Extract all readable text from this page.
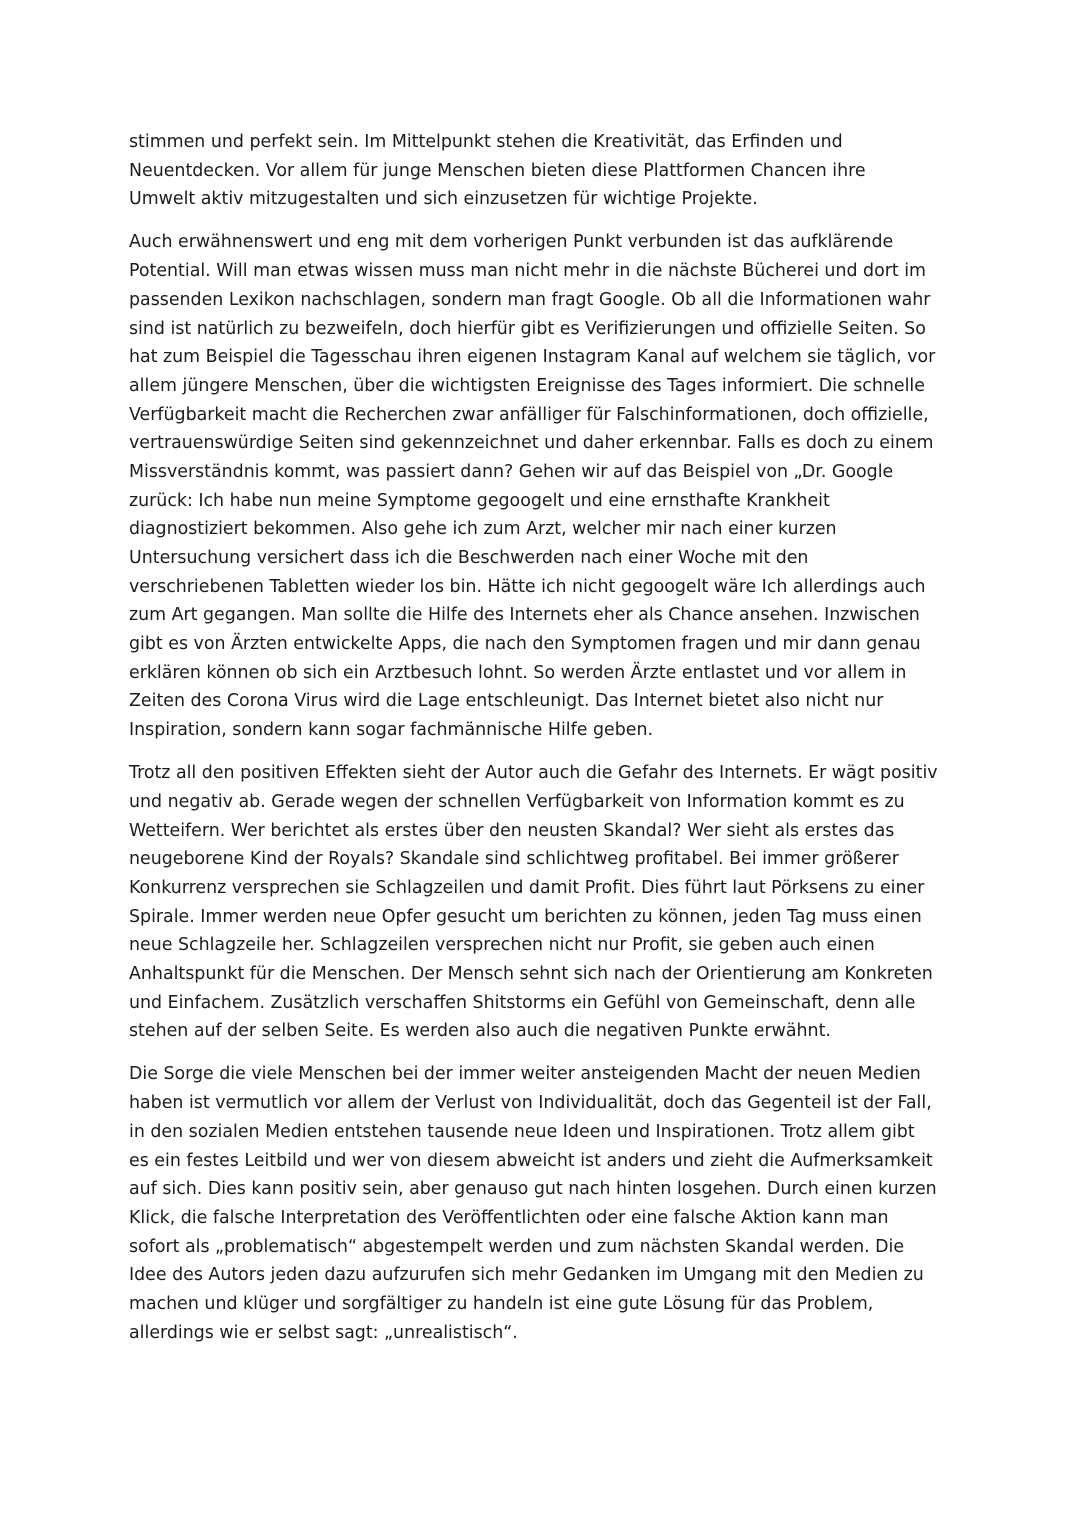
stimmen und perfekt sein. Im Mittelpunkt stehen die Kreativität, das Erfinden und
Neuentdecken. Vor allem für junge Menschen bieten diese Plattformen Chancen ihre
Umwelt aktiv mitzugestalten und sich einzusetzen für wichtige Projekte.
Auch erwähnenswert und eng mit dem vorherigen Punkt verbunden ist das aufklärende
Potential. Will man etwas wissen muss man nicht mehr in die nächste Bücherei und dort im
passenden Lexikon nachschlagen, sondern man fragt Google. Ob all die Informationen wahr
sind ist natürlich zu bezweifeln, doch hierfür gibt es Verifizierungen und offizielle Seiten. So
hat zum Beispiel die Tagesschau ihren eigenen Instagram Kanal auf welchem sie täglich, vor
allem jüngere Menschen, über die wichtigsten Ereignisse des Tages informiert. Die schnelle
Verfügbarkeit macht die Recherchen zwar anfälliger für Falschinformationen, doch offizielle,
vertrauenswürdige Seiten sind gekennzeichnet und daher erkennbar. Falls es doch zu einem
Missverständnis kommt, was passiert dann? Gehen wir auf das Beispiel von „Dr. Google
zurück: Ich habe nun meine Symptome gegoogelt und eine ernsthafte Krankheit
diagnostiziert bekommen. Also gehe ich zum Arzt, welcher mir nach einer kurzen
Untersuchung versichert dass ich die Beschwerden nach einer Woche mit den
verschriebenen Tabletten wieder los bin. Hätte ich nicht gegoogelt wäre Ich allerdings auch
zum Art gegangen. Man sollte die Hilfe des Internets eher als Chance ansehen. Inzwischen
gibt es von Ärzten entwickelte Apps, die nach den Symptomen fragen und mir dann genau
erklären können ob sich ein Arztbesuch lohnt. So werden Ärzte entlastet und vor allem in
Zeiten des Corona Virus wird die Lage entschleunigt. Das Internet bietet also nicht nur
Inspiration, sondern kann sogar fachmännische Hilfe geben.
Trotz all den positiven Effekten sieht der Autor auch die Gefahr des Internets. Er wägt positiv
und negativ ab. Gerade wegen der schnellen Verfügbarkeit von Information kommt es zu
Wetteifern. Wer berichtet als erstes über den neusten Skandal? Wer sieht als erstes das
neugeborene Kind der Royals? Skandale sind schlichtweg profitabel. Bei immer größerer
Konkurrenz versprechen sie Schlagzeilen und damit Profit. Dies führt laut Pörksens zu einer
Spirale. Immer werden neue Opfer gesucht um berichten zu können, jeden Tag muss einen
neue Schlagzeile her. Schlagzeilen versprechen nicht nur Profit, sie geben auch einen
Anhaltspunkt für die Menschen. Der Mensch sehnt sich nach der Orientierung am Konkreten
und Einfachem. Zusätzlich verschaffen Shitstorms ein Gefühl von Gemeinschaft, denn alle
stehen auf der selben Seite. Es werden also auch die negativen Punkte erwähnt.
Die Sorge die viele Menschen bei der immer weiter ansteigenden Macht der neuen Medien
haben ist vermutlich vor allem der Verlust von Individualität, doch das Gegenteil ist der Fall,
in den sozialen Medien entstehen tausende neue Ideen und Inspirationen. Trotz allem gibt
es ein festes Leitbild und wer von diesem abweicht ist anders und zieht die Aufmerksamkeit
auf sich. Dies kann positiv sein, aber genauso gut nach hinten losgehen. Durch einen kurzen
Klick, die falsche Interpretation des Veröffentlichten oder eine falsche Aktion kann man
sofort als „problematisch“ abgestempelt werden und zum nächsten Skandal werden. Die
Idee des Autors jeden dazu aufzurufen sich mehr Gedanken im Umgang mit den Medien zu
machen und klüger und sorgfältiger zu handeln ist eine gute Lösung für das Problem,
allerdings wie er selbst sagt: „unrealistisch“.
